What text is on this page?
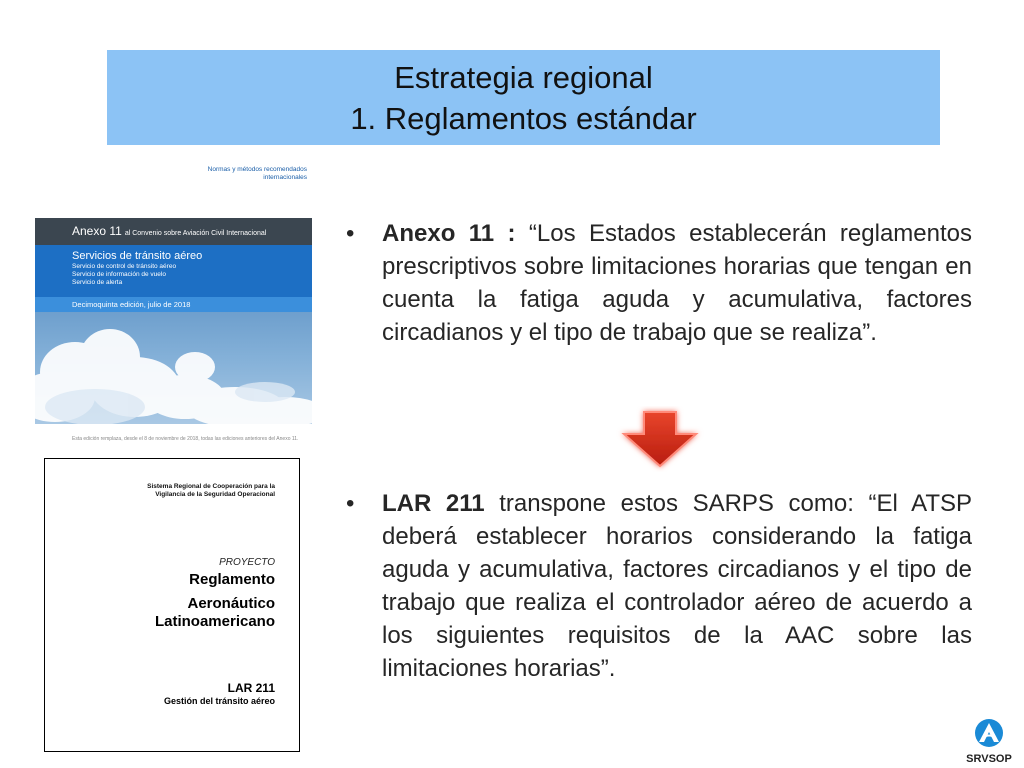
Estrategia regional
1. Reglamentos estándar
Normas y métodos recomendados internacionales
Anexo 11 al Convenio sobre Aviación Civil Internacional
Servicios de tránsito aéreo
Servicio de control de tránsito aéreo
Servicio de información de vuelo
Servicio de alerta
Decimoquinta edición, julio de 2018
Esta edición remplaza, desde el 8 de noviembre de 2018, todas las ediciones anteriores del Anexo 11.
Sistema Regional de Cooperación para la Vigilancia de la Seguridad Operacional
PROYECTO
Reglamento
Aeronáutico Latinoamericano
LAR 211
Gestión del tránsito aéreo
• Anexo 11 : “Los Estados establecerán reglamentos prescriptivos sobre limitaciones horarias que tengan en cuenta la fatiga aguda y acumulativa, factores circadianos y el tipo de trabajo que se realiza”.
• LAR 211 transpone estos SARPS como: “El ATSP deberá establecer horarios considerando la fatiga aguda y acumulativa, factores circadianos y el tipo de trabajo que realiza el controlador aéreo de acuerdo a los siguientes requisitos de la AAC sobre las limitaciones horarias”.
SRVSOP
